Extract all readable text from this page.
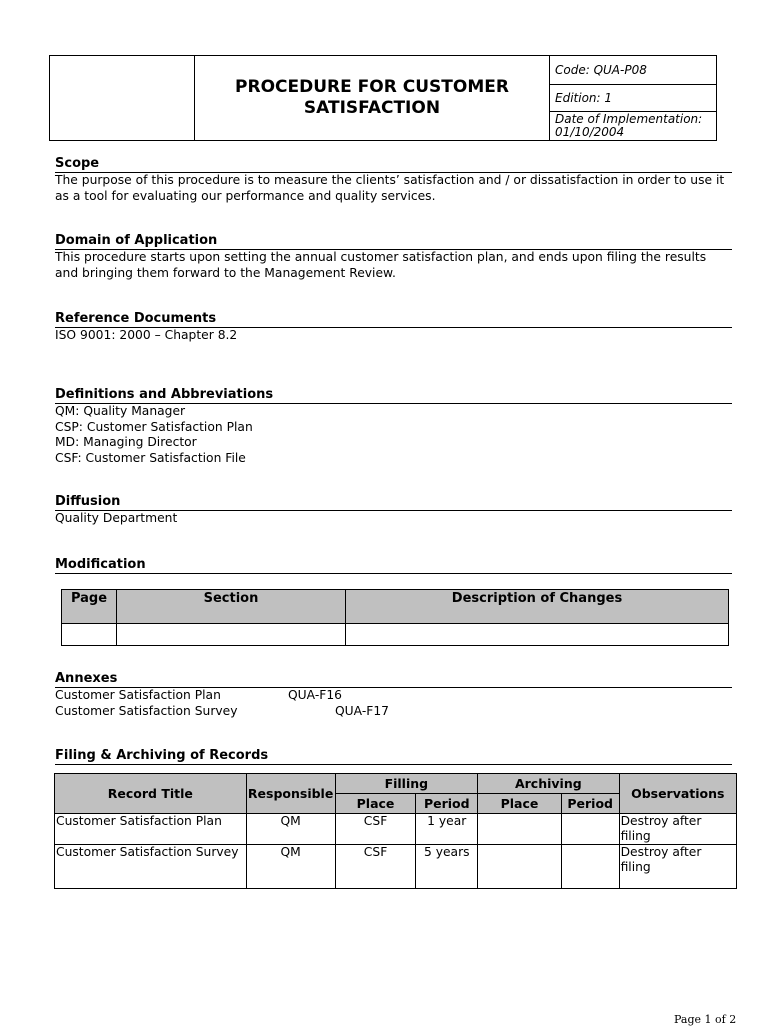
PROCEDURE FOR CUSTOMER
SATISFACTION
Code: QUA-P08
Edition: 1
Date of Implementation:
01/10/2004
Scope

The purpose of this procedure is to measure the clients’ satisfaction and / or dissatisfaction in order to use it as a tool for evaluating our performance and quality services.

Domain of Application

This procedure starts upon setting the annual customer satisfaction plan, and ends upon filing the results and bringing them forward to the Management Review.

Reference Documents

ISO 9001: 2000 – Chapter 8.2

Definitions and Abbreviations

QM: Quality Manager

CSP: Customer Satisfaction Plan

MD: Managing Director

CSF: Customer Satisfaction File

Diffusion

Quality Department

Modification
Page	Section	Description of Changes

Annexes
Customer Satisfaction Plan	QUA-F16
Customer Satisfaction Survey	QUA-F17
Filing & Archiving of Records
Record Title	Responsible	Filling		Archiving		Observations
		Place	Period	Place	Period	
Customer Satisfaction Plan	QM	CSF	1 year			Destroy after filing
Customer Satisfaction Survey	QM	CSF	5 years			Destroy after filing
Page 1 of 2
